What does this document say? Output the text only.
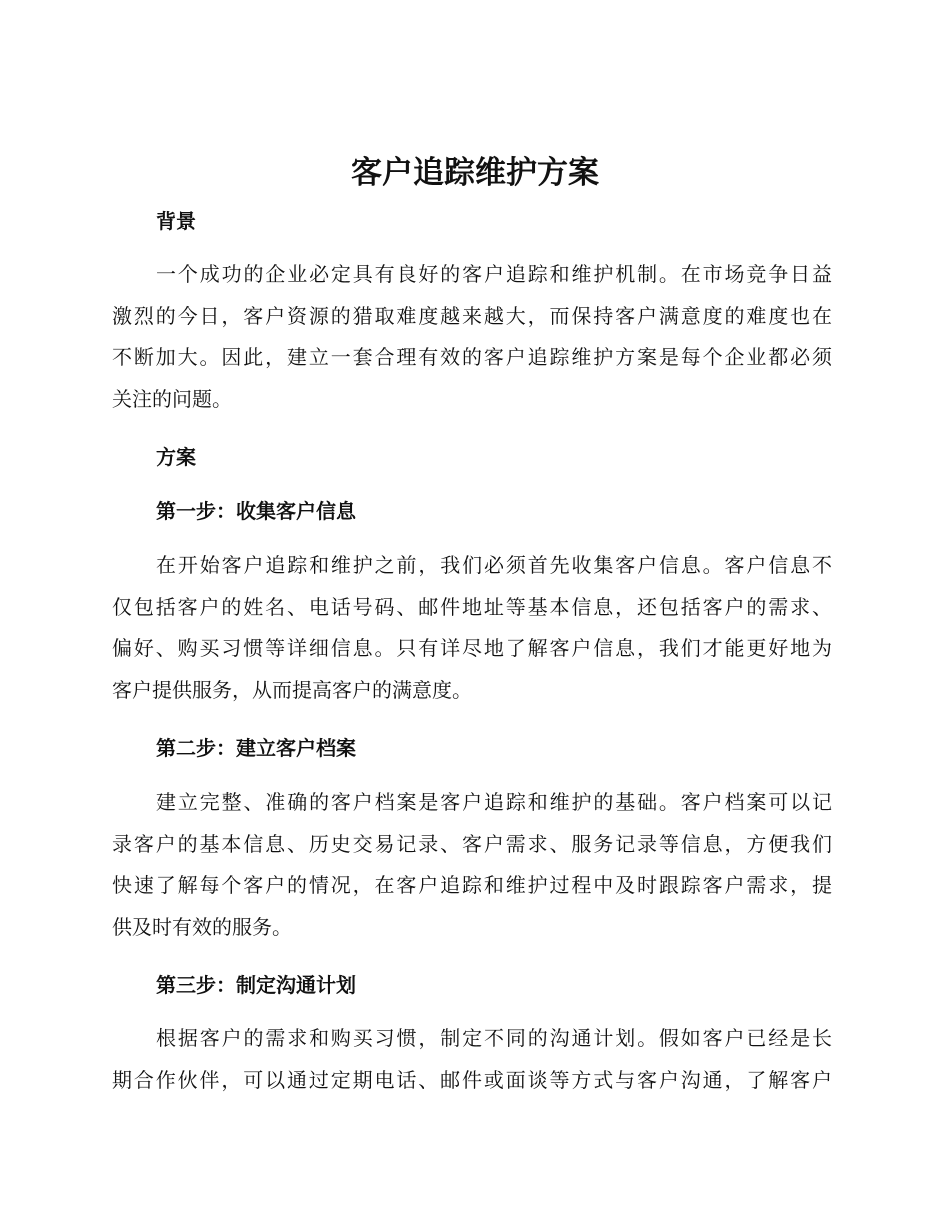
客户追踪维护方案
背景
一个成功的企业必定具有良好的客户追踪和维护机制。在市场竞争日益
激烈的今日，客户资源的猎取难度越来越大，而保持客户满意度的难度也在
不断加大。因此，建立一套合理有效的客户追踪维护方案是每个企业都必须
关注的问题。
方案
第一步：收集客户信息
在开始客户追踪和维护之前，我们必须首先收集客户信息。客户信息不
仅包括客户的姓名、电话号码、邮件地址等基本信息，还包括客户的需求、
偏好、购买习惯等详细信息。只有详尽地了解客户信息，我们才能更好地为
客户提供服务，从而提高客户的满意度。
第二步：建立客户档案
建立完整、准确的客户档案是客户追踪和维护的基础。客户档案可以记
录客户的基本信息、历史交易记录、客户需求、服务记录等信息，方便我们
快速了解每个客户的情况，在客户追踪和维护过程中及时跟踪客户需求，提
供及时有效的服务。
第三步：制定沟通计划
根据客户的需求和购买习惯，制定不同的沟通计划。假如客户已经是长
期合作伙伴，可以通过定期电话、邮件或面谈等方式与客户沟通，了解客户
